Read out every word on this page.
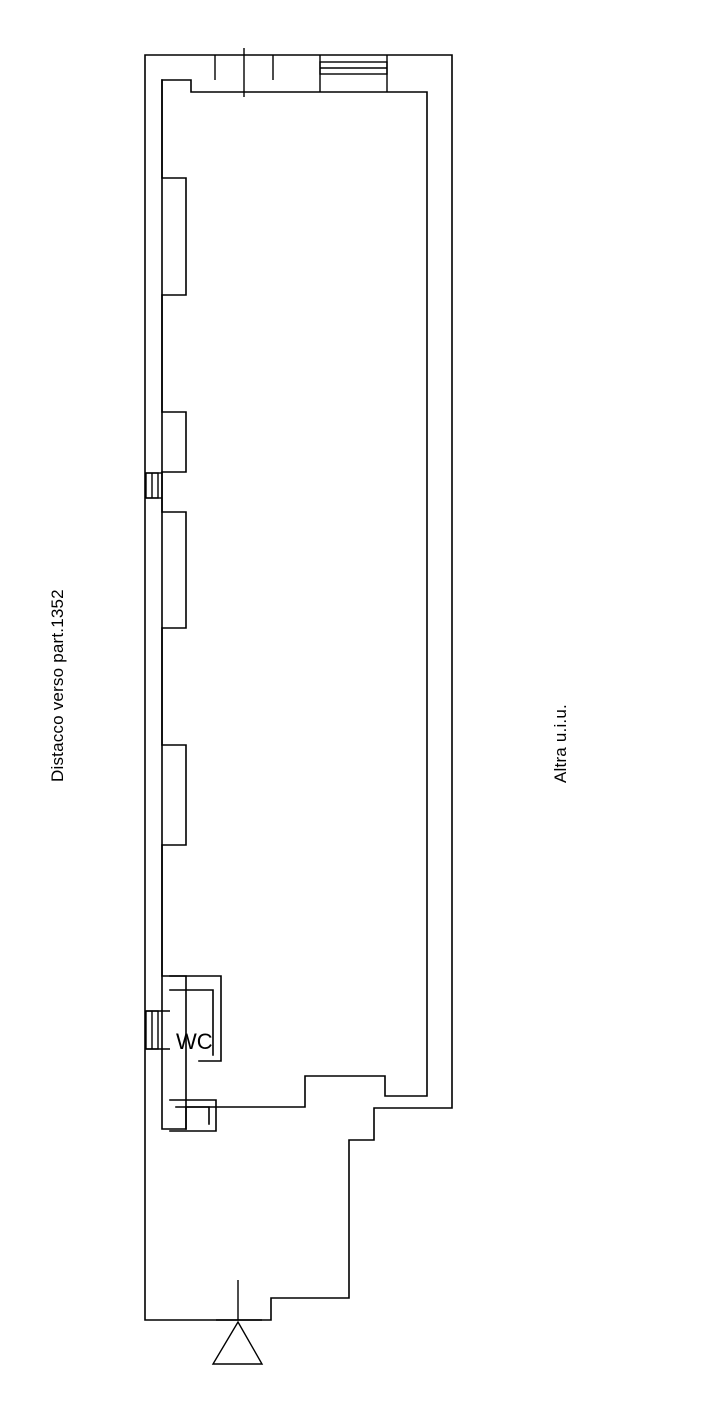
Distacco verso part.1352	Altra u.i.u.
WC
